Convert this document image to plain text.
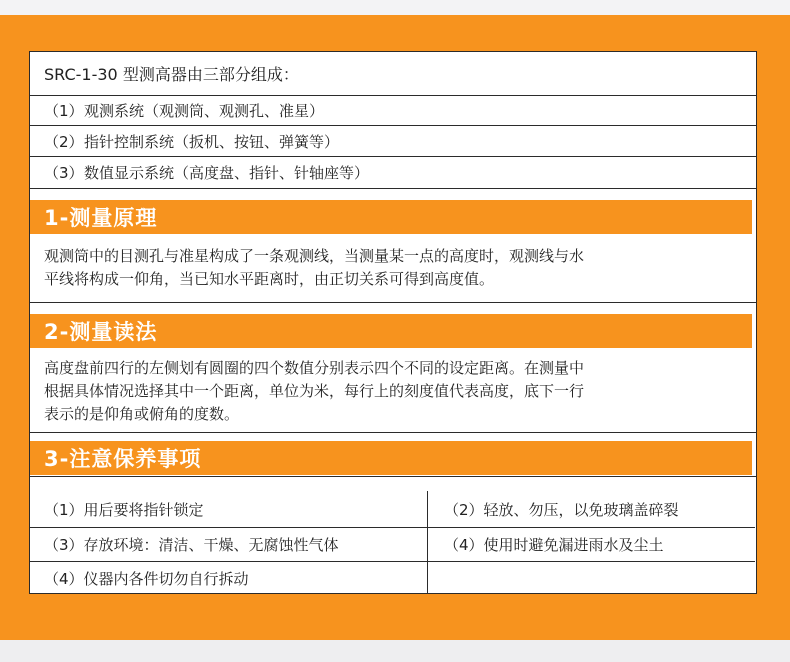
SRC-1-30 型测高器由三部分组成：
（1） 观测系统（观测筒、观测孔、准星）
（2） 指针控制系统（扳机、按钮、弹簧等）
（3） 数值显示系统（高度盘、指针、针轴座等）
1-测量原理
观测筒中的目测孔与准星构成了一条观测线，当测量某一点的高度时，观测线与水
平线将构成一仰角，当已知水平距离时，由正切关系可得到高度值。
2-测量读法
高度盘前四行的左侧划有圆圈的四个数值分别表示四个不同的设定距离。在测量中
根据具体情况选择其中一个距离，单位为米，每行上的刻度值代表高度，底下一行
表示的是仰角或俯角的度数。
3-注意保养事项
（1）用后要将指针锁定	（2）轻放、勿压，以免玻璃盖碎裂
（3）存放环境：清洁、干燥、无腐蚀性气体	（4）使用时避免漏进雨水及尘土
（4）仪器内各件切勿自行拆动
